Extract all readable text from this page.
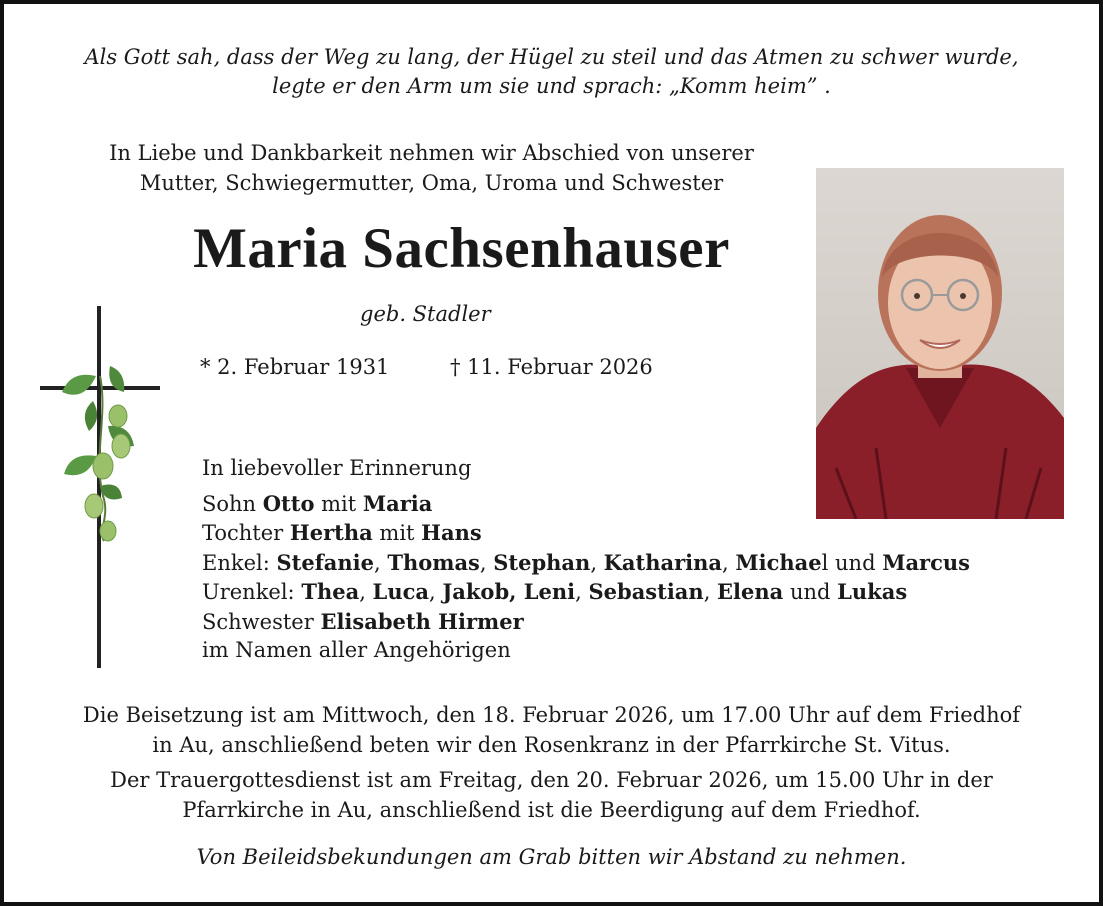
Als Gott sah, dass der Weg zu lang, der Hügel zu steil und das Atmen zu schwer wurde,
legte er den Arm um sie und sprach: „Komm heim” .
In Liebe und Dankbarkeit nehmen wir Abschied von unserer
Mutter, Schwiegermutter, Oma, Uroma und Schwester
Maria Sachsenhauser
geb. Stadler
* 2. Februar 1931	† 11. Februar 2026
In liebevoller Erinnerung
Sohn Otto mit Maria
Tochter Hertha mit Hans
Enkel: Stefanie, Thomas, Stephan, Katharina, Michael und Marcus
Urenkel: Thea, Luca, Jakob, Leni, Sebastian, Elena und Lukas
Schwester Elisabeth Hirmer
im Namen aller Angehörigen
Die Beisetzung ist am Mittwoch, den 18. Februar 2026, um 17.00 Uhr auf dem Friedhof
in Au, anschließend beten wir den Rosenkranz in der Pfarrkirche St. Vitus.
Der Trauergottesdienst ist am Freitag, den 20. Februar 2026, um 15.00 Uhr in der
Pfarrkirche in Au, anschließend ist die Beerdigung auf dem Friedhof.
Von Beileidsbekundungen am Grab bitten wir Abstand zu nehmen.
